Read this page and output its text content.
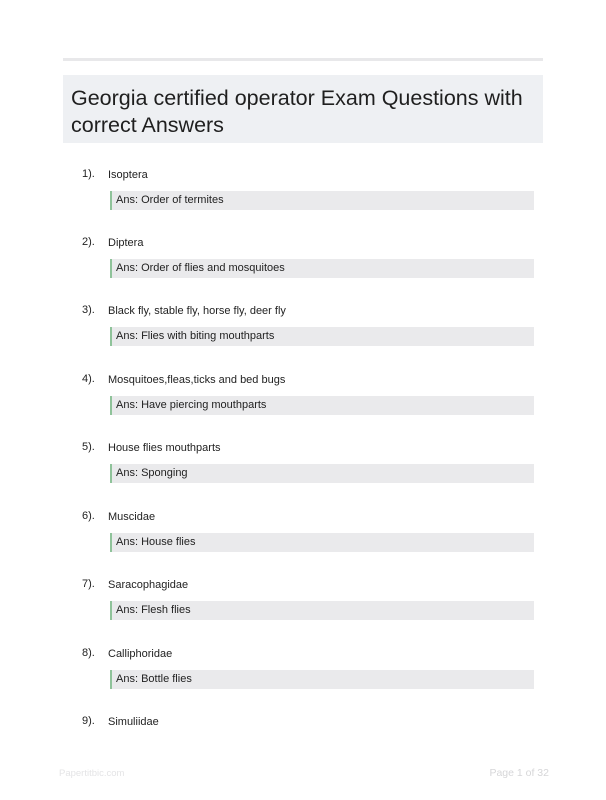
Georgia certified operator Exam Questions with correct Answers
1). Isoptera
Ans: Order of termites
2). Diptera
Ans: Order of flies and mosquitoes
3). Black fly, stable fly, horse fly, deer fly
Ans: Flies with biting mouthparts
4). Mosquitoes,fleas,ticks and bed bugs
Ans: Have piercing mouthparts
5). House flies mouthparts
Ans: Sponging
6). Muscidae
Ans: House flies
7). Saracophagidae
Ans: Flesh flies
8). Calliphoridae
Ans: Bottle flies
9). Simuliidae
Papertitbic.com	Page 1 of 32
